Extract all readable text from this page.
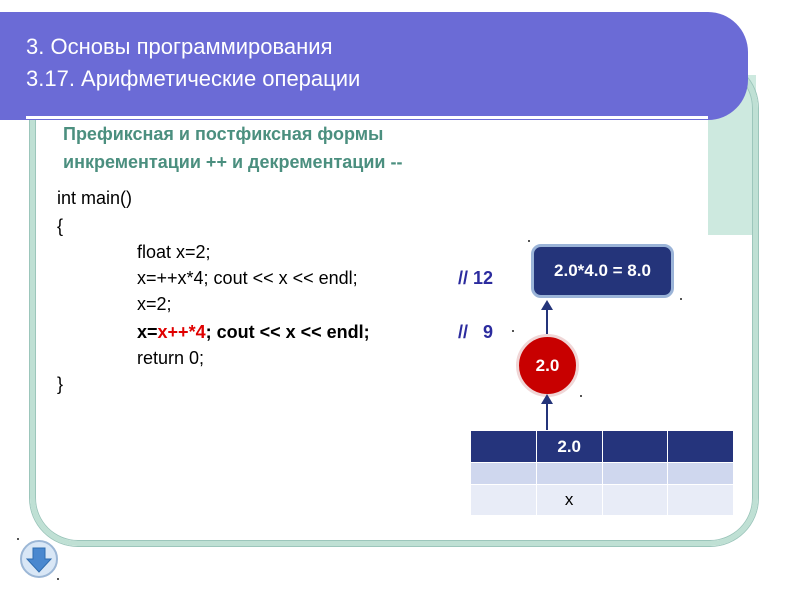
3. Основы программирования
3.17. Арифметические операции
Префиксная и постфиксная формы
инкрементации ++ и декрементации --
int main()
{
float x=2;
x=++x*4; cout << x << endl;	// 12
x=2;
x=x++*4; cout << x << endl;	//   9
return 0;
}
2.0*4.0 = 8.0
2.0
	2.0		

	x		
